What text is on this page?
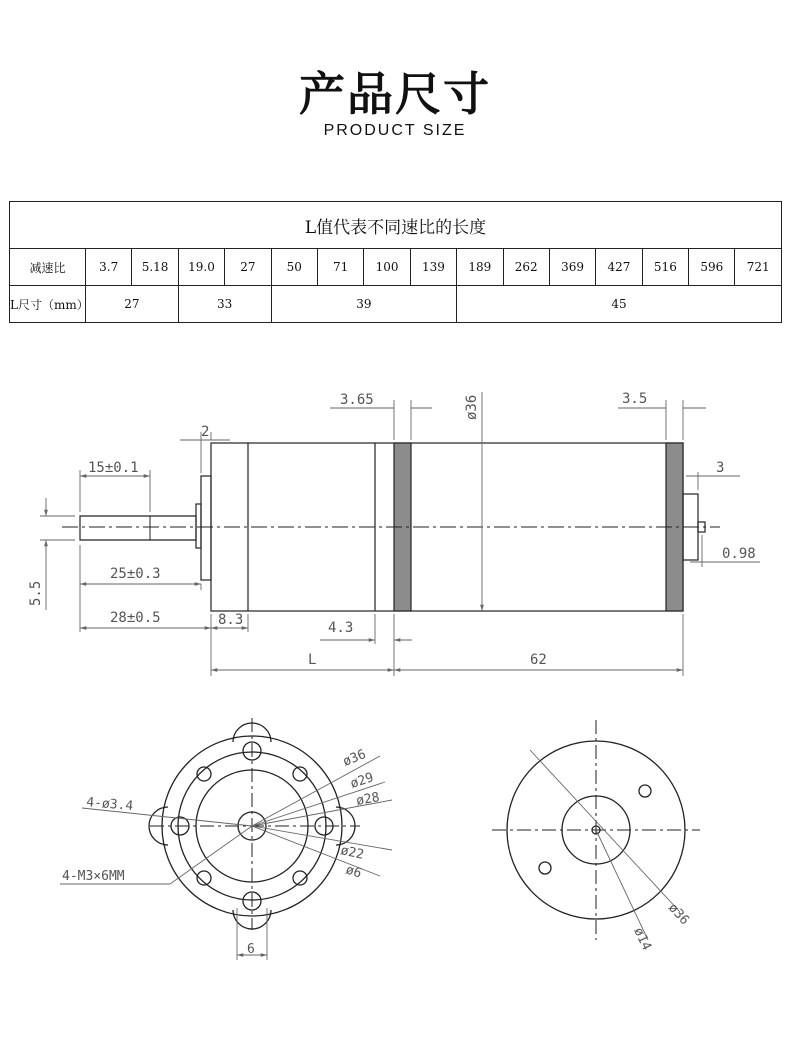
产品尺寸
PRODUCT SIZE
L值代表不同速比的长度															
减速比	3.7	5.18	19.0	27	50	71	100	139	189	262	369	427	516	596	721
L尺寸（mm）	27		33		39				45						
3.65	ø36	3.5
2
15±0.1	3
25±0.3
0.98
5.5
28±0.5	8.3	4.3
L	62
ø36
ø29
ø28
4-ø3.4
4-M3×6MM
ø22
ø6
6
ø36
ø14
